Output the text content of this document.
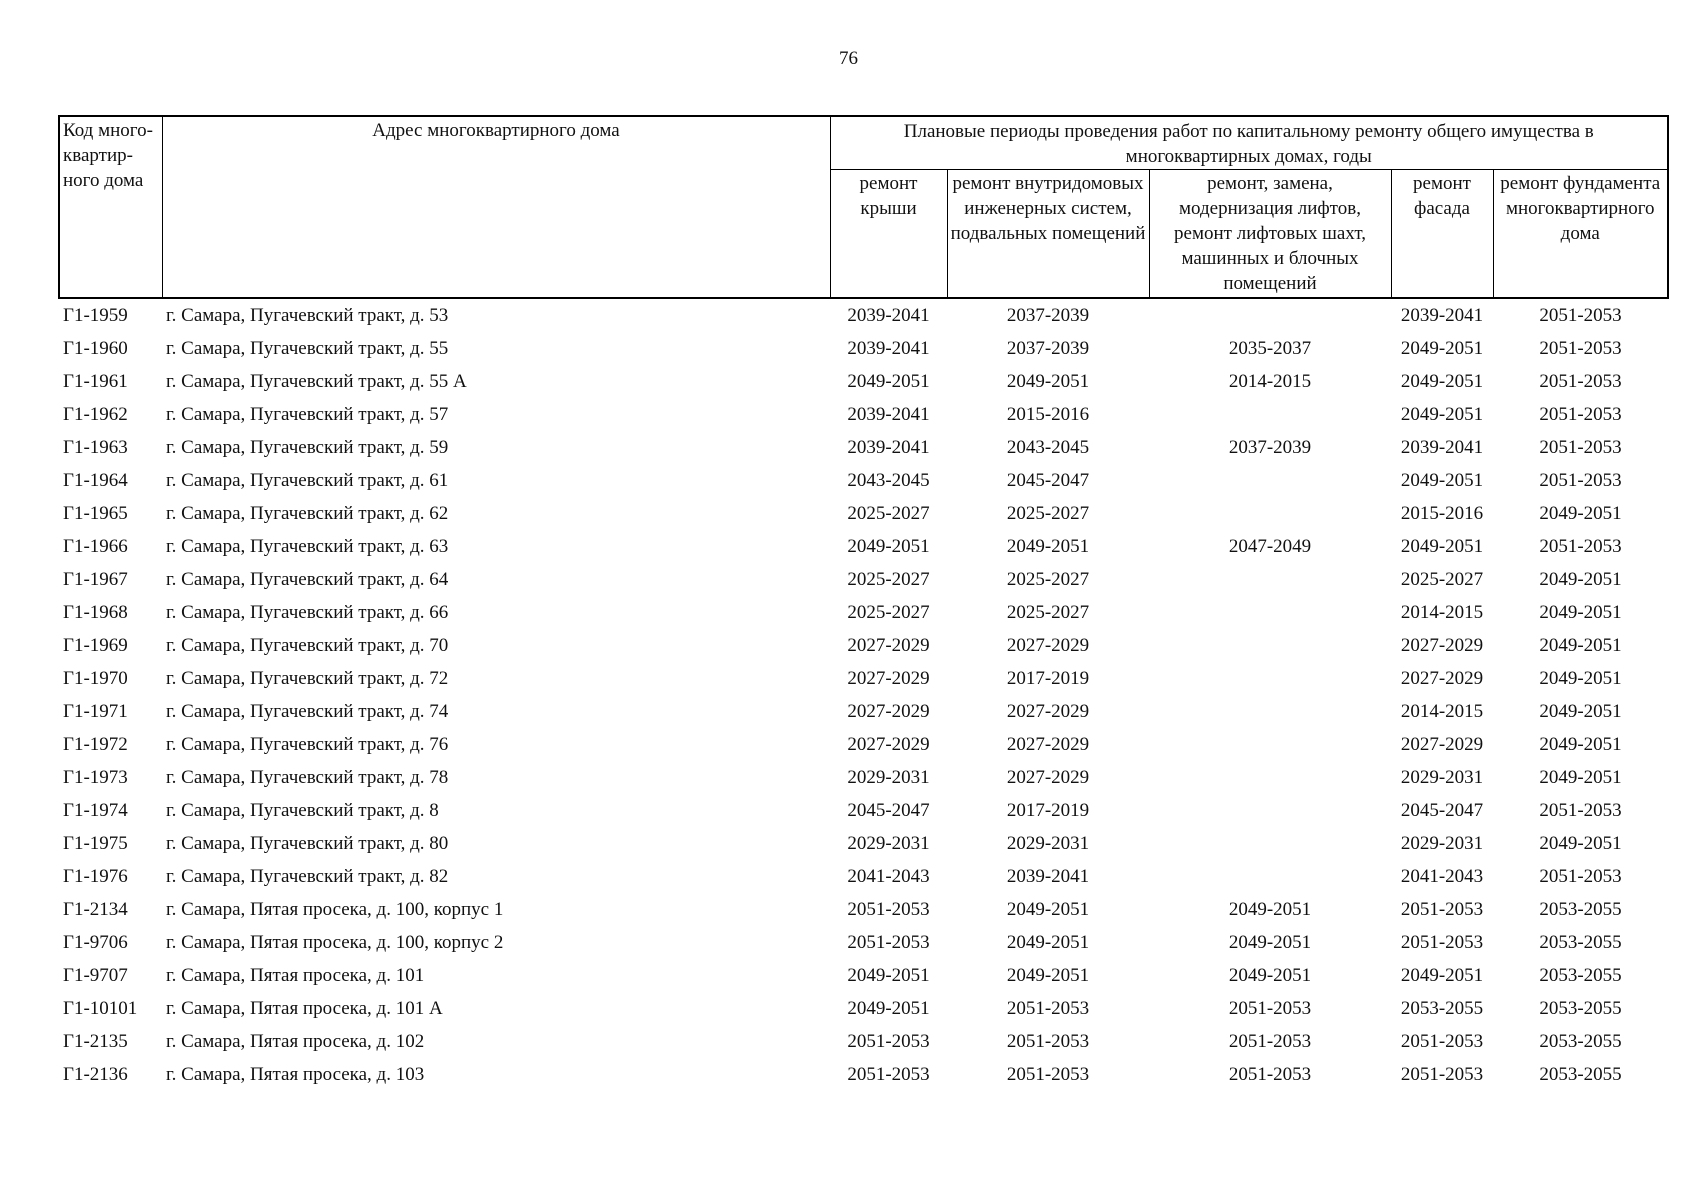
76
Код много-квартир-ного дома	Адрес многоквартирного дома	Плановые периоды проведения работ по капитальному ремонту общего имущества в многоквартирных домах, годы				
		ремонт крыши	ремонт внутридомовых инженерных систем, подвальных помещений	ремонт, замена, модернизация лифтов, ремонт лифтовых шахт, машинных и блочных помещений	ремонт фасада	ремонт фундамента многоквартирного дома
Г1-1959	г. Самара, Пугачевский тракт, д. 53	2039-2041	2037-2039		2039-2041	2051-2053
Г1-1960	г. Самара, Пугачевский тракт, д. 55	2039-2041	2037-2039	2035-2037	2049-2051	2051-2053
Г1-1961	г. Самара, Пугачевский тракт, д. 55 А	2049-2051	2049-2051	2014-2015	2049-2051	2051-2053
Г1-1962	г. Самара, Пугачевский тракт, д. 57	2039-2041	2015-2016		2049-2051	2051-2053
Г1-1963	г. Самара, Пугачевский тракт, д. 59	2039-2041	2043-2045	2037-2039	2039-2041	2051-2053
Г1-1964	г. Самара, Пугачевский тракт, д. 61	2043-2045	2045-2047		2049-2051	2051-2053
Г1-1965	г. Самара, Пугачевский тракт, д. 62	2025-2027	2025-2027		2015-2016	2049-2051
Г1-1966	г. Самара, Пугачевский тракт, д. 63	2049-2051	2049-2051	2047-2049	2049-2051	2051-2053
Г1-1967	г. Самара, Пугачевский тракт, д. 64	2025-2027	2025-2027		2025-2027	2049-2051
Г1-1968	г. Самара, Пугачевский тракт, д. 66	2025-2027	2025-2027		2014-2015	2049-2051
Г1-1969	г. Самара, Пугачевский тракт, д. 70	2027-2029	2027-2029		2027-2029	2049-2051
Г1-1970	г. Самара, Пугачевский тракт, д. 72	2027-2029	2017-2019		2027-2029	2049-2051
Г1-1971	г. Самара, Пугачевский тракт, д. 74	2027-2029	2027-2029		2014-2015	2049-2051
Г1-1972	г. Самара, Пугачевский тракт, д. 76	2027-2029	2027-2029		2027-2029	2049-2051
Г1-1973	г. Самара, Пугачевский тракт, д. 78	2029-2031	2027-2029		2029-2031	2049-2051
Г1-1974	г. Самара, Пугачевский тракт, д. 8	2045-2047	2017-2019		2045-2047	2051-2053
Г1-1975	г. Самара, Пугачевский тракт, д. 80	2029-2031	2029-2031		2029-2031	2049-2051
Г1-1976	г. Самара, Пугачевский тракт, д. 82	2041-2043	2039-2041		2041-2043	2051-2053
Г1-2134	г. Самара, Пятая просека, д. 100, корпус 1	2051-2053	2049-2051	2049-2051	2051-2053	2053-2055
Г1-9706	г. Самара, Пятая просека, д. 100, корпус 2	2051-2053	2049-2051	2049-2051	2051-2053	2053-2055
Г1-9707	г. Самара, Пятая просека, д. 101	2049-2051	2049-2051	2049-2051	2049-2051	2053-2055
Г1-10101	г. Самара, Пятая просека, д. 101 А	2049-2051	2051-2053	2051-2053	2053-2055	2053-2055
Г1-2135	г. Самара, Пятая просека, д. 102	2051-2053	2051-2053	2051-2053	2051-2053	2053-2055
Г1-2136	г. Самара, Пятая просека, д. 103	2051-2053	2051-2053	2051-2053	2051-2053	2053-2055
